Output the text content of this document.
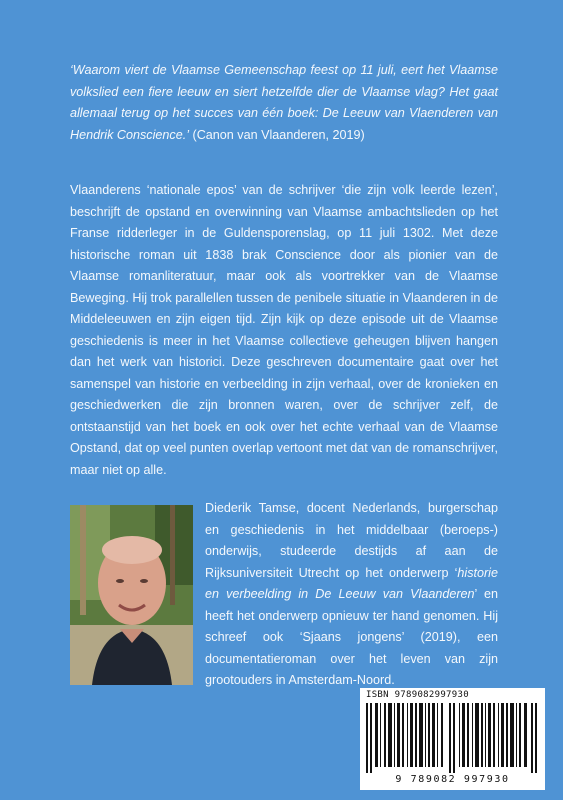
‘Waarom viert de Vlaamse Gemeenschap feest op 11 juli, eert het Vlaamse volkslied een fiere leeuw en siert hetzelfde dier de Vlaamse vlag? Het gaat allemaal terug op het succes van één boek: De Leeuw van Vlaenderen van Hendrik Conscience.’ (Canon van Vlaanderen, 2019)

Vlaanderens ‘nationale epos’ van de schrijver ‘die zijn volk leerde lezen’, beschrijft de opstand en overwinning van Vlaamse ambachtslieden op het Franse ridderleger in de Guldensporenslag, op 11 juli 1302. Met deze historische roman uit 1838 brak Conscience door als pionier van de Vlaamse romanliteratuur, maar ook als voortrekker van de Vlaamse Beweging. Hij trok parallellen tussen de penibele situatie in Vlaanderen in de Middeleeuwen en zijn eigen tijd. Zijn kijk op deze episode uit de Vlaamse geschiedenis is meer in het Vlaamse collectieve geheugen blijven hangen dan het werk van historici. Deze geschreven documentaire gaat over het samenspel van historie en verbeelding in zijn verhaal, over de kronieken en geschiedwerken die zijn bronnen waren, over de schrijver zelf, de ontstaanstijd van het boek en ook over het echte verhaal van de Vlaamse Opstand, dat op veel punten overlap vertoont met dat van de romanschrijver, maar niet op alle.

Diederik Tamse, docent Nederlands, burgerschap en geschiedenis in het middelbaar (beroeps-) onderwijs, studeerde destijds af aan de Rijksuniversiteit Utrecht op het onderwerp ‘historie en verbeelding in De Leeuw van Vlaanderen’ en heeft het onderwerp opnieuw ter hand genomen. Hij schreef ook ‘Sjaans jongens’ (2019), een documentatieroman over het leven van zijn grootouders in Amsterdam-Noord.

ISBN 9789082997930
9 789082 997930
